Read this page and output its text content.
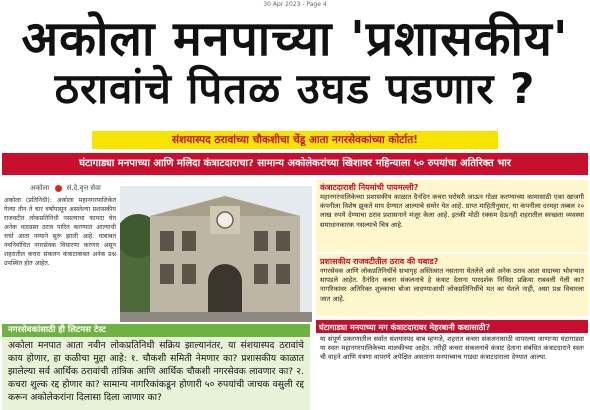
30 Apr 2023 - Page 4
अकोला मनपाच्या 'प्रशासकीय'
ठरावांचे पितळ उघड पडणार ?
संशयास्पद ठरावांच्या चौकशीचा चेंडू आता नगरसेवकांच्या कोर्टात!
घंटागाड्या मनपाच्या आणि मलिदा कंत्राटदाराचा? सामान्य अकोलेकरांच्या खिशावर महिन्याला ५० रुपयांचा अतिरिक्त भार
अकोला सं.दे.वृत्त सेवा
अकोला (प्रतिनिधी): अकोला महानगरपालिकेत गेल्या तीन ते चार वर्षांपासून असलेल्या प्रशासकीय राजवटीत लोकप्रतिनिधी नसल्याचा फायदा घेत अनेक वादग्रस्त ठराव पारित करण्यात आल्याची चर्चा आता नव्याने सुरू झाली आहे. याबाबत नवनिर्वाचित नगरसेवक विचारणा करणार असून शहरातील कचरा संकलन कंत्राटाबाबत अनेक प्रश्न उपस्थित होत आहेत.
कंत्राटदाराशी नियमांची पायमल्ली?
महानगरपालिकेच्या प्रशासकीय काळात दैनंदिन कचरा घरोघरी जाऊन गोळा करण्याच्या कामासाठी एका खाजगी कंपनीला विशेष झुकते माप देण्यात आल्याचे समोर येत आहे. प्राप्त माहितीनुसार, या कंपनीला दरमहा तब्बल २० लाख रुपये देण्याचा ठराव प्रशासनाने मंजूर केला आहे. इतकी मोठी रक्कम देऊनही शहरातील स्वच्छता व्यवस्था समाधानकारक नसल्याचे चित्र आहे.
प्रशासकीय राजवटीतील ठराव की घबाड?
नगरसेवक आणि लोकप्रतिनिधींचे सभागृह अस्तित्वात नसताना घेतलेले असे अनेक ठराव आता वादाच्या भोवऱ्यात सापडले आहेत. दैनंदिन कचरा संकलनाचे हे कंत्राट देताना पारदर्शक निविदा प्रक्रिया राबवली गेली का? नागरिकांवर अतिरिक्त शुल्काचा बोजा लादण्याआधी लोकप्रतिनिधींचे मत का घेतले नाही, असा प्रश्न विचारला जात आहे.
घंटागाड्या मनपाच्या मग कंत्राटदारावर मेहरबानी कशासाठी?
या संपूर्ण प्रकरणातील सर्वात संशयास्पद बाब म्हणजे, शहरात कचरा संकलनासाठी वापरल्या जाणाऱ्या घंटागाड्या या स्वतः महानगरपालिकेच्या मालकीच्या आहेत. तरीही कचरा संकलनाचे कंत्राट देताना संबंधित कंत्राटदाराने स्वतः ची वाहने आणि यंत्रणा वापरणे अपेक्षित असताना मनपाच्याच गाड्या कंत्राटदाराला देण्यात आल्या.
नगरसेवकांसाठी ही लिटमस टेस्ट
अकोला मनपात आता नवीन लोकप्रतिनिधी सक्रिय झाल्यानंतर, या संशयास्पद ठरावांचे काय होणार, हा कळीचा मुद्दा आहे: १. चौकशी समिती नेमणार का? प्रशासकीय काळात झालेल्या सर्व आर्थिक ठरावांची तांत्रिक आणि आर्थिक चौकशी नगरसेवक लावणार का? २. कचरा शुल्क रद्द होणार का? सामान्य नागरिकांकडून होणारी ५० रुपयांची जाचक वसुली रद्द करून अकोलेकरांना दिलासा दिला जाणार का?
